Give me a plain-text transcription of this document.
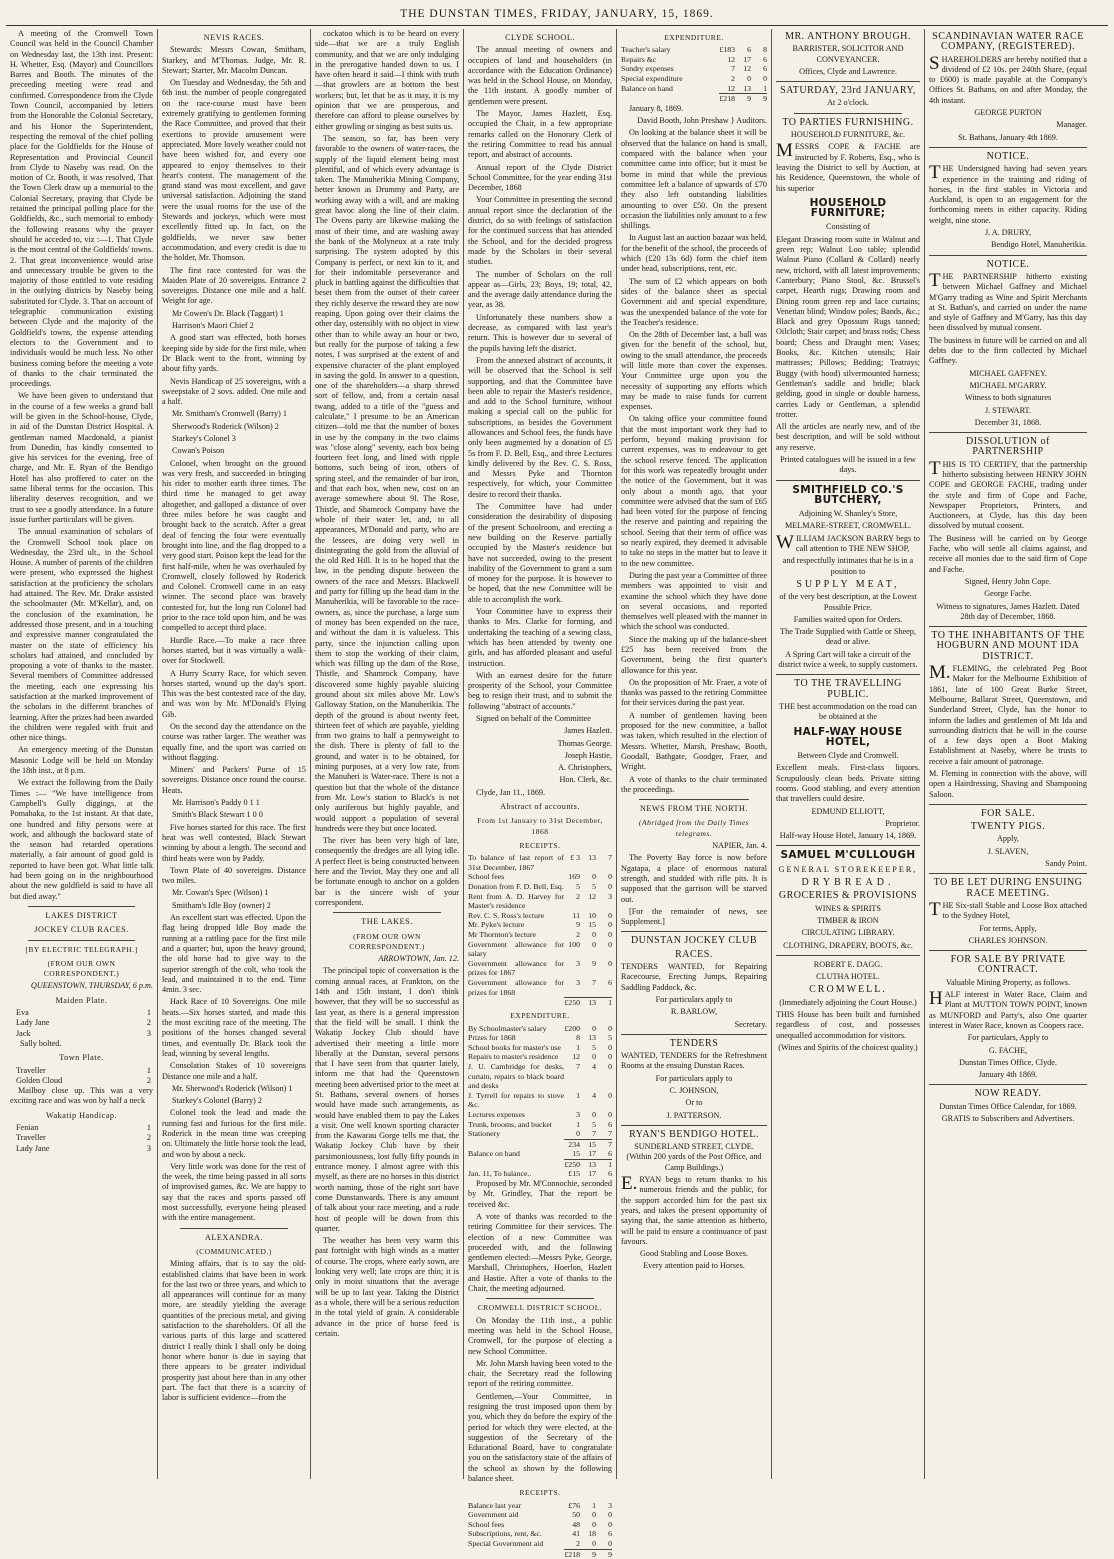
THE DUNSTAN TIMES, FRIDAY, JANUARY, 15, 1869.

A meeting of the Cromwell Town Council was held in the Council Chamber on Wednesday last, the 13th inst. Present: H. Whetter, Esq. (Mayor) and Councillors Barres and Booth. The minutes of the preceeding meeting were read and confirmed. Correspondence from the Clyde Town Council, accompanied by letters from the Honorable the Colonial Secretary, and his Honor the Superintendent, respecting the removal of the chief polling place for the Goldfields for the House of Representation and Provincial Council from Clyde to Naseby was read. On the motion of Cr. Booth, it was resolved, That the Town Clerk draw up a memorial to the Colonial Secretary, praying that Clyde be retained the principal polling place for the Goldfields, &c., such memorial to embody the following reasons why the prayer should be acceded to, viz :—1. That Clyde is the most central of the Goldfields' towns. 2. That great inconvenience would arise and unnecessary trouble be given to the majority of those entitled to vote residing in the outlying districts by Naseby being substituted for Clyde. 3. That on account of telegraphic communication existing between Clyde and the majority of the Goldfield's towns, the expense attending electors to the Government and to individuals would be much less. No other business coming before the meeting a vote of thanks to the chair terminated the proceedings.

We have been given to understand that in the course of a few weeks a grand ball will be given in the School-house, Clyde, in aid of the Dunstan District Hospital. A gentleman named Macdonald, a pianist from Dunedin, has kindly consented to give his services for the evening, free of charge, and Mr. E. Ryan of the Bendigo Hotel has also proffered to cater on the same liberal terms for the occasion. This liberality deserves recognition, and we trust to see a goodly attendance. In a future issue further particulars will be given.

The annual examination of scholars of the Cromwell School took place on Wednesday, the 23rd ult., in the School House. A number of parents of the children were present, who expressed the highest satisfaction at the proficiency the scholars had attained. The Rev. Mr. Drake assisted the schoolmaster (Mr. M'Kellar), and, on the conclusion of the examination, he addressed those present, and in a touching and expressive manner congratulated the master on the state of efficiency his scholars had attained, and concluded by proposing a vote of thanks to the master. Several members of Committee addressed the meeting, each one expressing his satisfaction at the marked improvement of the scholars in the different branches of learning. After the prizes had been awarded the children were regaled with fruit and other nice things.

An emergency meeting of the Dunstan Masonic Lodge will be held on Monday the 18th inst., at 8 p.m.

We extract the following from the Daily Times :— "We have intelligence from Campbell's Gully diggings, at the Pomahaka, to the 1st instant. At that date, one hundred and fifty persons were at work, and although the backward state of the season had retarded operations materially, a fair amount of good gold is reported to have been got. What little talk had been going on in the neighbourhood about the new goldfield is said to have all but died away."

LAKES DISTRICT

JOCKEY CLUB RACES.

[BY ELECTRIC TELEGRAPH.]

(FROM OUR OWN CORRESPONDENT.)

QUEENSTOWN, THURSDAY, 6 p.m.

Maiden Plate.

Eva	1
Lady Jane	2
Jack	3

Sally bolted.

Town Plate.

Traveller	1
Golden Cloud	2

Mailboy close up. This was a very exciting race and was won by half a neck

Wakatip Handicap.

Fenian	1
Traveller	2
Lady Jane	3

NEVIS RACES.

Stewards: Messrs Cowan, Smitham, Starkey, and M'Thomas. Judge, Mr. R. Stewart; Starter, Mr. Macolm Duncan.

On Tuesday and Wednesday, the 5th and 6th inst. the number of people congregated on the race-course must have been extremely gratifying to gentlemen forming the Race Committee, and proved that their exertions to provide amusement were appreciated. More lovely weather could not have been wished for, and every one appeared to enjoy themselves to their heart's content. The management of the grand stand was most excellent, and gave universal satisfaction. Adjoining the stand were the usual rooms for the use of the Stewards and jockeys, which were most excellently fitted up. In fact, on the goldfields, we never saw better accommodation, and every credit is due to the holder, Mr. Thomson.

The first race contested for was the Maiden Plate of 20 sovereigns. Entrance 2 sovereigns. Distance one mile and a half. Weight for age.

Mr Cowen's Dr. Black (Taggart) 1

Harrison's Maori Chief 2

A good start was effected, both horses keeping side by side for the first mile, when Dr Black went to the front, winning by about fifty yards.

Nevis Handicap of 25 sovereigns, with a sweepstake of 2 sovs. added. One mile and a half.

Mr. Smitham's Cromwell (Barry) 1

Sherwood's Roderick (Wilson) 2

Starkey's Colonel 3

Cowan's Poison

Colonel, when brought on the ground was very fresh, and succeeded in bringing his rider to mother earth three times. The third time he managed to get away altogether, and galloped a distance of over three miles before he was caught and brought back to the scratch. After a great deal of fencing the four were eventually brought into line, and the flag dropped to a very good start. Poison kept the lead for the first half-mile, when he was overhauled by Cromwell, closely followed by Roderick and Colonel. Cromwell came in an easy winner. The second place was bravely contested for, but the long run Colonel had prior to the race told upon him, and he was compelled to accept third place.

Hurdle Race.—To make a race three horses started, but it was virtually a walk-over for Stockwell.

A Hurry Scurry Race, for which seven horses started, wound up the day's sport. This was the best contested race of the day, and was won by Mr. M'Donald's Flying Gib.

On the second day the attendance on the course was rather larger. The weather was equally fine, and the sport was carried on without flagging.

Miners' and Packers' Purse of 15 sovereigns. Distance once round the course. Heats.

Mr. Harrison's Paddy 0 1 1

Smith's Black Stewart 1 0 0

Five horses started for this race. The first heat was well contested, Black Stewart winning by about a length. The second and third heats were won by Paddy.

Town Plate of 40 sovereigns. Distance two miles.

Mr. Cowan's Spec (Wilson) 1

Smitham's Idle Boy (owner) 2

An excellent start was effected. Upon the flag being dropped Idle Boy made the running at a rattling pace for the first mile and a quarter; but, upon the heavy ground, the old horse had to give way to the superior strength of the colt, who took the lead, and maintained it to the end. Time 4min. 3 sec.

Hack Race of 10 Sovereigns. One mile heats.—Six horses started, and made this the most exciting race of the meeting. The positions of the horses changed several times, and eventually Dr. Black took the lead, winning by several lengths.

Consolation Stakes of 10 sovereigns Distance one mile and a half.

Mr. Sherwood's Roderick (Wilson) 1

Starkey's Colonel (Barry) 2

Colonel took the lead and made the running fast and furious for the first mile. Roderick in the mean time was creeping on. Ultimately the little horse took the lead, and won by about a neck.

Very little work was done for the rest of the week, the time being passed in all sorts of improvised games, &c. We are happy to say that the races and sports passed off most successfully, everyone being pleased with the entire management.

ALEXANDRA.

(COMMUNICATED.)

Mining affairs, that is to say the old-established claims that have been in work for the last two or three years, and which to all appearances will continue for as many more, are steadily yielding the average quantities of the precious metal, and giving satisfaction to the shareholders. Of all the various parts of this large and scattered district I really think I shall only be doing honor where honor is due in saying that there appears to be greater individual prosperity just about here than in any other part. The fact that there is a scarcity of labor is sufficient evidence—from the

cockatoo which is to be heard on every side—that we are a truly English community, and that we are only indulging in the prerogative handed down to us. I have often heard it said—I think with truth—that growlers are at bottom the best workers; but, let that be as it may, it is my opinion that we are prosperous, and therefore can afford to please ourselves by either growling or singing as best suits us.

The season, so far, has been very favorable to the owners of water-races, the supply of the liquid element being most plentiful, and of which every advantage is taken. The Manuherikia Mining Company, better known as Drummy and Party, are working away with a will, and are making great havoc along the line of their claim. The Ovens party are likewise making the most of their time, and are washing away the bank of the Molyneux at a rate truly surprising. The system adopted by this Company is perfect, or next kin to it, and for their indomitable perseverance and pluck in battling against the difficulties that beset them from the outset of their career they richly deserve the reward they are now reaping. Upon going over their claims the other day, ostensibly with no object in view other than to while away an hour or two, but really for the purpose of taking a few notes, I was surprised at the extent of and expensive character of the plant employed in saving the gold. In answer to a question, one of the shareholders—a sharp shrewd sort of fellow, and, from a certain nasal twang, added to a title of the "guess and calculate," I presume to be an American citizen—told me that the number of boxes in use by the company in the two claims was "close along" seventy, each box being fourteen feet long, and lined with ripple bottoms, such being of iron, others of spring steel, and the remainder of bar iron, and that each box, when new, cost on an average somewhere about 9l. The Rose, Thistle, and Shamrock Company have the whole of their water let, and, to all appearances, M'Donald and party, who are the lessees, are doing very well in disintegrating the gold from the alluvial of the old Red Hill. It is to be hoped that the law, in the pending dispute between the owners of the race and Messrs. Blackwell and party for filling up the head dam in the Manuherikia, will be favorable to the race-owners, as, since the purchase, a large sum of money has been expended on the race, and without the dam it is valueless. This party, since the injunction calling upon them to stop the working of their claim, which was filling up the dam of the Rose, Thistle, and Shamrock Company, have discovered some highly payable sluicing ground about six miles above Mr. Low's Galloway Station, on the Manuherikia. The depth of the ground is about twenty feet, thirteen feet of which are payable, yielding from two grains to half a pennyweight to the dish. There is plenty of fall to the ground, and water is to be obtained, for mining purposes, at a very low rate, from the Manuheri is Water-race. There is not a question but that the whole of the distance from Mr. Low's station to Black's is not only auriferous but highly payable, and would support a population of several hundreds were they but once located.

The river has been very high of late, consequently the dredges are all lying idle. A perfect fleet is being constructed between here and the Teviot. May they one and all be fortunate enough to anchor on a golden bar is the sincere wish of your correspondent.

THE LAKES.

(FROM OUR OWN CORRESPONDENT.)

ARROWTOWN, Jan. 12.

The principal topic of conversation is the coming annual races, at Frankton, on the 14th and 15th instant, I don't think however, that they will be so successful as last year, as there is a general impression that the field will be small. I think the Wakatip Jockey Club should have advertised their meeting a little more liberally at the Dunstan, several persons that I have seen from that quarter lately, inform me that had the Queenstown meeting been advertised prior to the meet at St. Bathans, several owners of horses would have made such arrangements, as would have enabled them to pay the Lakes a visit. One well known sporting character from the Kawarau Gorge tells me that, the Wakatip Jockey Club have by their parsimoniousness, lost fully fifty pounds in entrance money. I almost agree with this myself, as there are no horses in this district worth naming, those of the right sort have come Dunstanwards. There is any amount of talk about your race meeting, and a rude host of people will be down from this quarter.

The weather has been very warm this past fortnight with high winds as a matter of course. The crops, where early sown, are looking very well; late crops are thin; it is only in moist situations that the average will be up to last year. Taking the District as a whole, there will be a serious reduction in the total yield of grain. A considerable advance in the price of horse feed is certain.

CLYDE SCHOOL.

The annual meeting of owners and occupiers of land and householders (in accordance with the Education Ordinance) was held in the School House, on Monday, the 11th instant. A goodly number of gentlemen were present.

The Mayor, James Hazlett, Esq. occupied the Chair, in a few appropriate remarks called on the Honorary Clerk of the retiring Committee to read his annual report, and abstract of accounts.

Annual report of the Clyde District School Committee, for the year ending 31st December, 1868

Your Committee in presenting the second annual report since the declaration of the district, do so with feelings of satisfaction for the continued success that has attended the School, and for the decided progress made by the Scholars in their several studies.

The number of Scholars on the roll appear as—Girls, 23; Boys, 19; total, 42, and the average daily attendance during the year, as 38.

Unfortunately these numbers show a decrease, as compared with last year's return. This is however due to several of the pupils having left the district.

From the annexed abstract of accounts, it will be observed that the School is self supporting, and that the Committee have been able to repair the Master's residence, and add to the School furniture, without making a special call on the public for subscriptions, as besides the Government allowances and School fees, the funds have only been augmented by a donation of £5 5s from F. D. Bell, Esq., and three Lectures kindly delivered by the Rev. C. S. Ross, and Messrs Pyke and Thornton respectively, for which, your Committee desire to record their thanks.

The Committee have had under consideration the desirability of disposing of the present Schoolroom, and erecting a new building on the Reserve partially occupied by the Master's residence but have not succeeded, owing to the present inability of the Government to grant a sum of money for the purpose. It is however to be hoped, that the new Committee will be able to accomplish the work.

Your Committee have to express their thanks to Mrs. Clarke for forming, and undertaking the teaching of a sewing class, which has been attended by twenty one girls, and has afforded pleasant and useful instruction.

With an earnest desire for the future prosperity of the School, your Committee beg to resign their trust, and to submit the following "abstract of accounts."

Signed on behalf of the Committee

James Hazlett.

Thomas George.

Joseph Hastie,

A. Christophers,

Hon. Clerk, &c.

Clyde, Jan 11., 1869.

Abstract of accounts.

From 1st January to 31st December, 1868

RECEIPTS.

To balance of last report of 31st December, 1867	£ 3	13	7
School fees	169	0	0
Donation from F. D. Bell, Esq.	5	5	0
Rent from A. D. Harvey for Master's residence	2	12	3
Rev. C. S. Ross's lecture	11	10	0
Mr. Pyke's lecture	9	15	0
Mr Thornton's lecture	2	0	0
Government allowance for salary	100	0	0
Government allowance for prizes for 1867	3	9	0
Government allowance for prizes for 1868	3	7	6
	£250	13	1

EXPENDITURE.

By Schoolmaster's salary	£200	0	0
Prizes for 1868	8	13	5
School books for master's use	1	5	0
Repairs to master's residence	12	0	0
J. U. Cambridge for desks, curtain, repairs to black board and desks	7	4	0
J. Tyrrell for repairs to stove &c.	1	4	0
Lectures expenses	3	0	0
Trunk, brooms, and bucket	1	5	6
Stationery	0	7	7
	234	15	7
Balance on hand	15	17	6
	£250	13	1
Jan. 11, To balance..	£15	17	6

Proposed by Mr. M'Connochie, seconded by Mr. Grindley, That the report be received &c.

A vote of thanks was recorded to the retiring Committee for their services. The election of a new Committee was proceeded with, and the following gentlemen elected:—Messrs Pyke, George, Marshall, Christophers, Hoerlon, Hazlett and Hastie. After a vote of thanks to the Chair, the meeting adjourned.

CROMWELL DISTRICT SCHOOL.

On Monday the 11th inst., a public meeting was held in the School House, Cromwell, for the purpose of electing a new School Committee.

Mr. John Marsh having been voted to the chair, the Secretary read the following report of the retiring committee.

Gentlemen,—Your Committee, in resigning the trust imposed upon them by you, which they do before the expiry of the period for which they were elected, at the suggestion of the Secretary of the Educational Board, have to congratulate you on the satisfactory state of the affairs of the school as shown by the following balance sheet.

RECEIPTS.

Balance last year	£76	1	3
Government aid	50	0	0
School fees	48	0	0
Subscriptions, rent, &c.	41	18	6
Special Government aid	2	0	0
	£218	9	9

EXPENDITURE.

Teacher's salary	£183	6	8
Repairs &c	12	17	6
Sundry expenses	7	12	6
Special expenditure	2	0	0
Balance on hand	12	13	1
	£218	9	9

January 8, 1869.

David Booth, John Preshaw } Auditors.

On looking at the balance sheet it will be observed that the balance on hand is small, compared with the balance when your committee came into office; but it must be borne in mind that while the previous committee left a balance of upwards of £70 they also left outstanding liabilities amounting to over £50. On the present occasion the liabilities only amount to a few shillings.

In August last an auction bazaar was held, for the benefit of the school, the proceeds of which (£20 13s 6d) form the chief item under head, subscriptions, rent, etc.

The sum of £2 which appears on both sides of the balance sheet as special Government aid and special expenditure, was the unexpended balance of the vote for the Teacher's residence.

On the 28th of December last, a ball was given for the benefit of the school, but, owing to the small attendance, the proceeds will little more than cover the expenses. Your Committee urge upon you the necessity of supporting any efforts which may be made to raise funds for current expenses.

On taking office your committee found that the most important work they had to perform, beyond making provision for current expenses, was to endeavour to get the school reserve fenced. The application for this work was repeatedly brought under the notice of the Government, but it was only about a month ago, that your committee were advised that the sum of £65 had been voted for the purpose of fencing the reserve and painting and repairing the school. Seeing that their term of office was so nearly expired, they deemed it advisable to take no steps in the matter but to leave it to the new committee.

During the past year a Committee of three members was appointed to visit and examine the school which they have done on several occasions, and reported themselves well pleased with the manner in which the school was conducted.

Since the making up of the balance-sheet £25 has been received from the Government, being the first quarter's allowance for this year.

On the proposition of Mr. Fraer, a vote of thanks was passed to the retiring Committee for their services during the past year.

A number of gentlemen having been proposed for the new committee, a ballot was taken, which resulted in the election of Messrs. Whetter, Marsh, Preshaw, Booth, Goodall, Bathgate, Goodger, Fraer, and Wright.

A vote of thanks to the chair terminated the proceedings.

NEWS FROM THE NORTH.

(Abridged from the Daily Times telegrams.

NAPIER, Jan. 4.

The Poverty Bay force is now before Ngatapa, a place of enormous natural strength, and studded with rifle pits. It is supposed that the garrison will be starved out.

[For the remainder of news, see Supplement.]

DUNSTAN JOCKEY CLUB

RACES.

TENDERS WANTED, for Repairing Racecourse, Erecting Jumps, Repairing Saddling Paddock, &c.

For particulars apply to

R. BARLOW,

Secretary.

TENDERS

WANTED, TENDERS for the Refreshment Rooms at the ensuing Dunstan Races.

For particulars apply to

C. JOHNSON,

Or to

J. PATTERSON.

RYAN'S BENDIGO HOTEL.

SUNDERLAND STREET, CLYDE. (Within 200 yards of the Post Office, and Camp Buildings.)

E.RYAN begs to return thanks to his numerous friends and the public, for the support accorded him for the past six years, and takes the present opportunity of saying that, the same attention as hitherto, will be paid to ensure a continuance of past favours.

Good Stabling and Loose Boxes.

Every attention paid to Horses.

MR. ANTHONY BROUGH.

BARRISTER, SOLICITOR AND CONVEYANCER.

Offices, Clyde and Lawrence.

SATURDAY, 23rd JANUARY,

At 2 o'clock.

TO PARTIES FURNISHING.

HOUSEHOLD FURNITURE, &c.

MESSRS COPE & FACHE are instructed by F. Roberts, Esq., who is leaving the District to sell by Auction, at his Residence, Queenstown, the whole of his superior

HOUSEHOLD FURNITURE;

Consisting of

Elegant Drawing room suite in Walnut and green rep; Walnut Loo table; splendid Walnut Piano (Collard & Collard) nearly new, trichord, with all latest improvements; Canterbury; Piano Stool, &c. Brussel's carpet, Hearth rugs; Drawing room and Dining room green rep and lace curtains; Venetian blind; Window poles; Bands, &c.; Black and grey Opossum Rugs tanned; Oilcloth; Stair carpet; and brass rods; Chess board; Chess and Draught men; Vases; Books, &c. Kitchen utensils; Hair mattrasses; Pillows; Bedding; Teatrays; Buggy (with hood) silvermounted harness; Gentleman's saddle and bridle; black gelding, good in single or double harness, carries Lady or Gentleman, a splendid trotter.

All the articles are nearly new, and of the best description, and will be sold without any reserve.

Printed catalogues will be issued in a few days.

SMITHFIELD CO.'S BUTCHERY,

Adjoining W. Shanley's Store,

MELMARE-STREET, CROMWELL.

WILLIAM JACKSON BARRY begs to call attention to THE NEW SHOP,

and respectfully intimates that he is in a position to

SUPPLY MEAT,

of the very best description, at the Lowest Possible Price.

Families waited upon for Orders.

The Trade Supplied with Cattle or Sheep, dead or alive.

A Spring Cart will take a circuit of the district twice a week, to supply customers.

TO THE TRAVELLING PUBLIC.

THE best accommodation on the road can be obtained at the

HALF-WAY HOUSE HOTEL,

Between Clyde and Cromwell.

Excellent meals. First-class liquors. Scrupulously clean beds. Private sitting rooms. Good stabling, and every attention that travellers could desire.

EDMUND ELLIOTT,

Proprietor.

Half-way House Hotel, January 14, 1869.

SAMUEL M'CULLOUGH

GENERAL STOREKEEPER,

DRYBREAD.

GROCERIES & PROVISIONS

WINES & SPIRITS

TIMBER & IRON

CIRCULATING LIBRARY.

CLOTHING, DRAPERY, BOOTS, &c.

ROBERT E. DAGG.

CLUTHA HOTEL.

CROMWELL.

(Immediately adjoining the Court House.)

THIS House has been built and furnished regardless of cost, and possesses unequalled accommodation for visitors.

(Wines and Spirits of the choicest quality.)

SCANDINAVIAN WATER RACE COMPANY, (REGISTERED).

SHAREHOLDERS are hereby notified that a dividend of £2 10s. per 240th Share, (equal to £600) is made payable at the Company's Offices St. Bathans, on and after Monday, the 4th instant.

GEORGE PURTON

Manager.

St. Bathans, January 4th 1869.

NOTICE.

THE Undersigned having had seven years experience in the training and riding of horses, in the first stables in Victoria and Auckland, is open to an engagement for the forthcoming meets in either capacity. Riding weight, nine stone.

J. A. DRURY,

Bendigo Hotel, Manuherikia.

NOTICE.

THE PARTNERSHIP hitherto existing between Michael Gaffney and Michael M'Garry trading as Wine and Spirit Merchants at St. Bathan's, and carried on under the name and style of Gaffney and M'Garry, has this day been dissolved by mutual consent.

The business in future will be carried on and all debts due to the firm collected by Michael Gaffney.

MICHAEL GAFFNEY.

MICHAEL M'GARRY.

Witness to both signatures

J. STEWART.

December 31, 1868.

DISSOLUTION of PARTNERSHIP

THIS IS TO CERTIFY, that the partnership hitherto subsisting between HENRY JOHN COPE and GEORGE FACHE, trading under the style and firm of Cope and Fache, Newspaper Proprietors, Printers, and Auctioneers, at Clyde, has this day been dissolved by mutual consent.

The Business will be carried on by George Fache, who will settle all claims against, and receive all monies due to the said firm of Cope and Fache.

Signed, Henry John Cope.

George Fache.

Witness to signatures, James Hazlett. Dated 28th day of December, 1868.

TO THE INHABITANTS OF THE HOGBURN AND MOUNT IDA DISTRICT.

M.FLEMING, the celebrated Peg Boot Maker for the Melbourne Exhibition of 1861, late of 100 Great Burke Street, Melbourne, Ballarat Street, Queenstown, and Sunderland Street, Clyde, has the honor to inform the ladies and gentlemen of Mt Ida and surrounding districts that he will in the course of a few days open a Boot Making Establishment at Naseby, where he trusts to receive a fair amount of patronage.

M. Fleming in connection with the above, will open a Hairdressing, Shaving and Shampooing Saloon.

FOR SALE.

TWENTY PIGS.

Apply,

J. SLAVEN,

Sandy Point.

TO BE LET DURING ENSUING RACE MEETING.

THE Six-stall Stable and Loose Box attached to the Sydney Hotel,

For terms, Apply,

CHARLES JOHNSON.

FOR SALE BY PRIVATE CONTRACT.

Valuable Mining Property, as follows.

HALF interest in Water Race, Claim and Plant at MUTTON TOWN POINT, known as MUNFORD and Party's, also One quarter interest in Water Race, known as Coopers race.

For particulars, Apply to

G. FACHE,

Dunstan Times Office, Clyde.

January 4th 1869.

NOW READY.

Dunstan Times Office Calendar, for 1869.

GRATIS to Subscribers and Advertisers.
